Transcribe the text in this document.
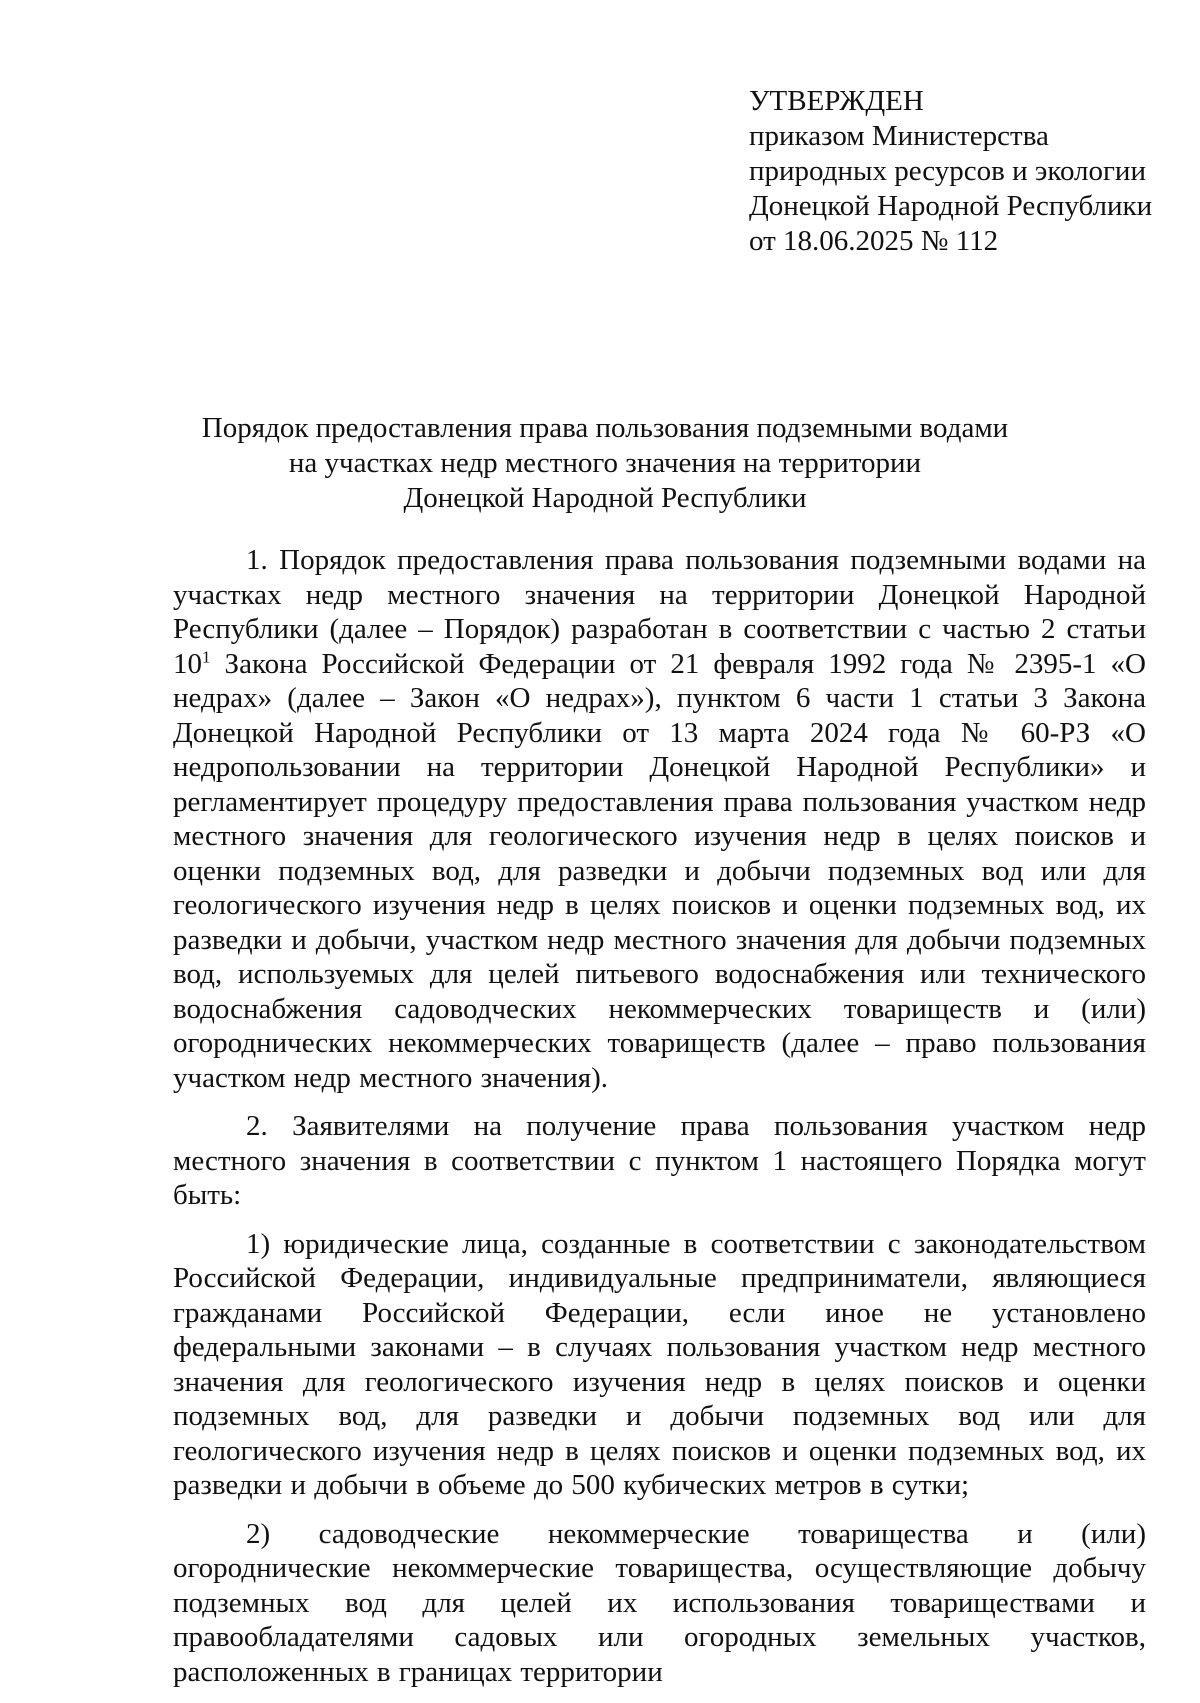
УТВЕРЖДЕН
приказом Министерства
природных ресурсов и экологии
Донецкой Народной Республики
от 18.06.2025 № 112
Порядок предоставления права пользования подземными водами
на участках недр местного значения на территории
Донецкой Народной Республики

1. Порядок предоставления права пользования подземными водами на участках недр местного значения на территории Донецкой Народной Республики (далее – Порядок) разработан в соответствии с частью 2 статьи $10^1$ Закона Российской Федерации от 21 февраля 1992 года № 2395-1 «О недрах» (далее – Закон «О недрах»), пунктом 6 части 1 статьи 3 Закона Донецкой Народной Республики от 13 марта 2024 года № 60-РЗ «О недропользовании на территории Донецкой Народной Республики» и регламентирует процедуру предоставления права пользования участком недр местного значения для геологического изучения недр в целях поисков и оценки подземных вод, для разведки и добычи подземных вод или для геологического изучения недр в целях поисков и оценки подземных вод, их разведки и добычи, участком недр местного значения для добычи подземных вод, используемых для целей питьевого водоснабжения или технического водоснабжения садоводческих некоммерческих товариществ и (или) огороднических некоммерческих товариществ (далее – право пользования участком недр местного значения).

2. Заявителями на получение права пользования участком недр местного значения в соответствии с пунктом 1 настоящего Порядка могут быть:

1) юридические лица, созданные в соответствии с законодательством Российской Федерации, индивидуальные предприниматели, являющиеся гражданами Российской Федерации, если иное не установлено федеральными законами – в случаях пользования участком недр местного значения для геологического изучения недр в целях поисков и оценки подземных вод, для разведки и добычи подземных вод или для геологического изучения недр в целях поисков и оценки подземных вод, их разведки и добычи в объеме до 500 кубических метров в сутки;

2) садоводческие некоммерческие товарищества и (или) огороднические некоммерческие товарищества, осуществляющие добычу подземных вод для целей их использования товариществами и правообладателями садовых или огородных земельных участков, расположенных в границах территории
